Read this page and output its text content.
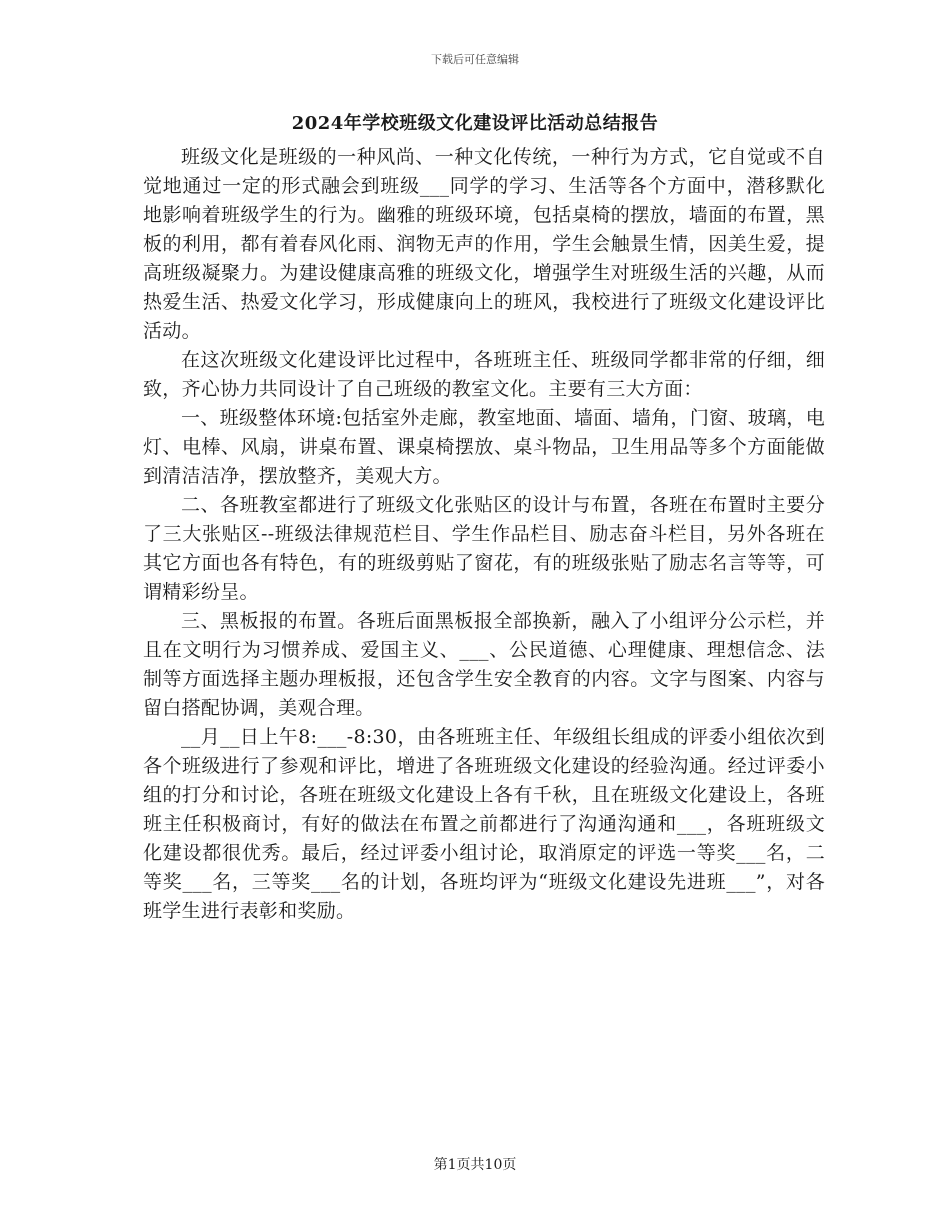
下载后可任意编辑
2024年学校班级文化建设评比活动总结报告

班级文化是班级的一种风尚、一种文化传统，一种行为方式，它自觉或不自觉地通过一定的形式融会到班级___同学的学习、生活等各个方面中，潜移默化地影响着班级学生的行为。幽雅的班级环境，包括桌椅的摆放，墙面的布置，黑板的利用，都有着春风化雨、润物无声的作用，学生会触景生情，因美生爱，提高班级凝聚力。为建设健康高雅的班级文化，增强学生对班级生活的兴趣，从而热爱生活、热爱文化学习，形成健康向上的班风，我校进行了班级文化建设评比活动。

在这次班级文化建设评比过程中，各班班主任、班级同学都非常的仔细，细致，齐心协力共同设计了自己班级的教室文化。主要有三大方面：

一、班级整体环境:包括室外走廊，教室地面、墙面、墙角，门窗、玻璃，电灯、电棒、风扇，讲桌布置、课桌椅摆放、桌斗物品，卫生用品等多个方面能做到清洁洁净，摆放整齐，美观大方。

二、各班教室都进行了班级文化张贴区的设计与布置，各班在布置时主要分了三大张贴区--班级法律规范栏目、学生作品栏目、励志奋斗栏目，另外各班在其它方面也各有特色，有的班级剪贴了窗花，有的班级张贴了励志名言等等，可谓精彩纷呈。

三、黑板报的布置。各班后面黑板报全部换新，融入了小组评分公示栏，并且在文明行为习惯养成、爱国主义、___、公民道德、心理健康、理想信念、法制等方面选择主题办理板报，还包含学生安全教育的内容。文字与图案、内容与留白搭配协调，美观合理。

__月__日上午8:___-8:30，由各班班主任、年级组长组成的评委小组依次到各个班级进行了参观和评比，增进了各班班级文化建设的经验沟通。经过评委小组的打分和讨论，各班在班级文化建设上各有千秋，且在班级文化建设上，各班班主任积极商讨，有好的做法在布置之前都进行了沟通沟通和___，各班班级文化建设都很优秀。最后，经过评委小组讨论，取消原定的评选一等奖___名，二等奖___名，三等奖___名的计划，各班均评为“班级文化建设先进班___”，对各班学生进行表彰和奖励。

第1页共10页
